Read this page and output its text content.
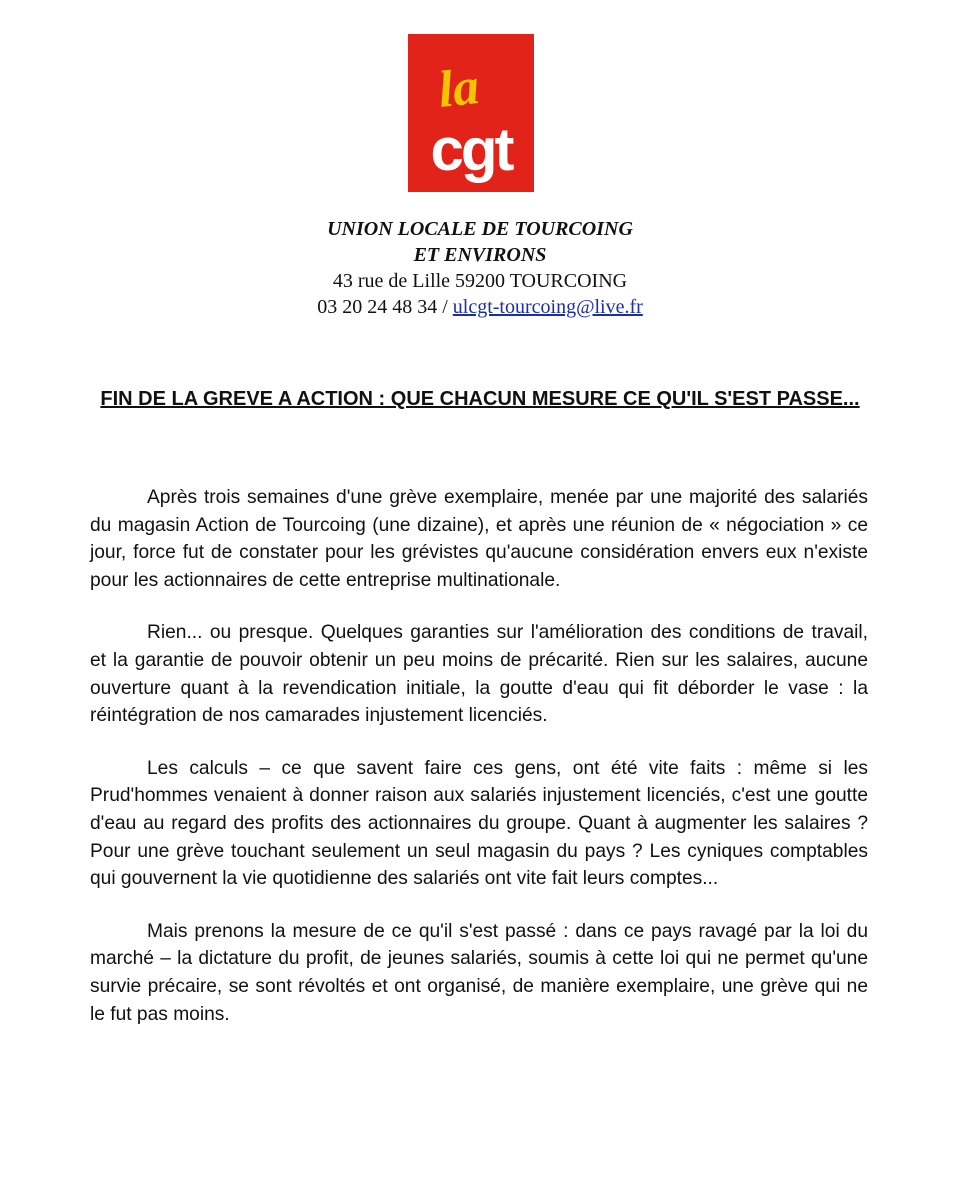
la
cgt
UNION LOCALE DE TOURCOING
ET ENVIRONS
43 rue de Lille 59200 TOURCOING
03 20 24 48 34 / ulcgt-tourcoing@live.fr
FIN DE LA GREVE A ACTION : QUE CHACUN MESURE CE QU'IL S'EST PASSE...

Après trois semaines d'une grève exemplaire, menée par une majorité des salariés du magasin Action de Tourcoing (une dizaine), et après une réunion de « négociation » ce jour, force fut de constater pour les grévistes qu'aucune considération envers eux n'existe pour les actionnaires de cette entreprise multinationale.

Rien... ou presque. Quelques garanties sur l'amélioration des conditions de travail, et la garantie de pouvoir obtenir un peu moins de précarité. Rien sur les salaires, aucune ouverture quant à la revendication initiale, la goutte d'eau qui fit déborder le vase : la réintégration de nos camarades injustement licenciés.

Les calculs – ce que savent faire ces gens, ont été vite faits : même si les Prud'hommes venaient à donner raison aux salariés injustement licenciés, c'est une goutte d'eau au regard des profits des actionnaires du groupe. Quant à augmenter les salaires ? Pour une grève touchant seulement un seul magasin du pays ? Les cyniques comptables qui gouvernent la vie quotidienne des salariés ont vite fait leurs comptes...

Mais prenons la mesure de ce qu'il s'est passé : dans ce pays ravagé par la loi du marché – la dictature du profit, de jeunes salariés, soumis à cette loi qui ne permet qu'une survie précaire, se sont révoltés et ont organisé, de manière exemplaire, une grève qui ne le fut pas moins.
